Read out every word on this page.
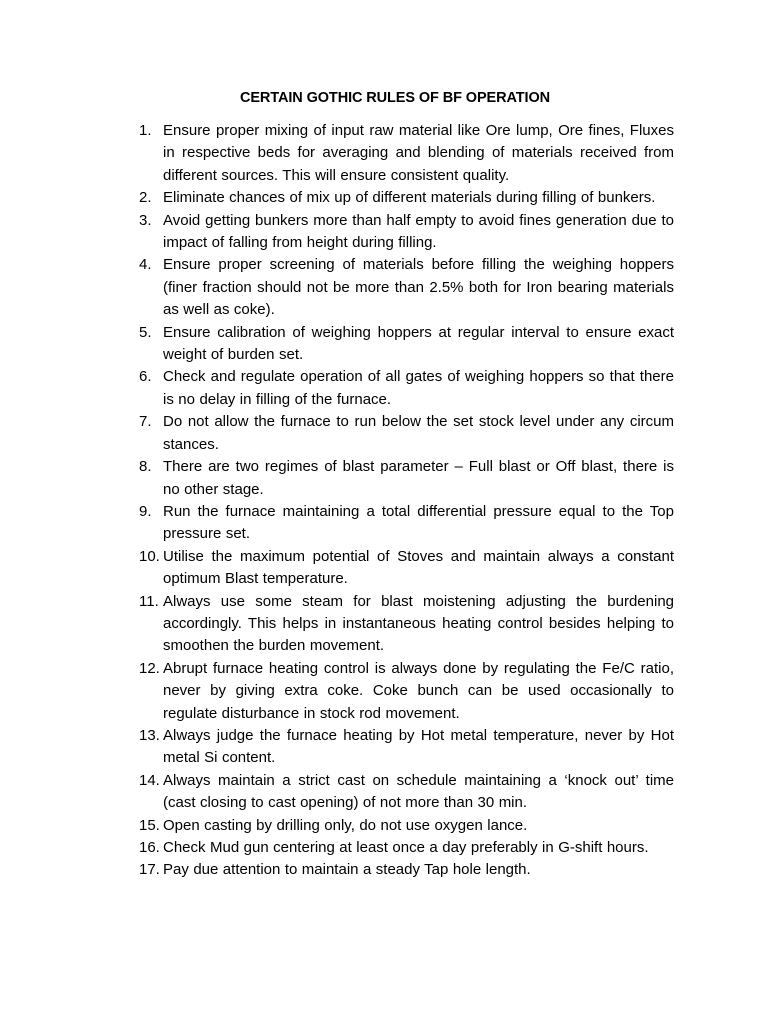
CERTAIN GOTHIC RULES OF BF OPERATION
1. Ensure proper mixing of input raw material like Ore lump, Ore fines, Fluxes in respective beds for averaging and blending of materials received from different sources. This will ensure consistent quality.
2. Eliminate chances of mix up of different materials during filling of bunkers.
3. Avoid getting bunkers more than half empty to avoid fines generation due to impact of falling from height during filling.
4. Ensure proper screening of materials before filling the weighing hoppers (finer fraction should not be more than 2.5% both for Iron bearing materials as well as coke).
5. Ensure calibration of weighing hoppers at regular interval to ensure exact weight of burden set.
6. Check and regulate operation of all gates of weighing hoppers so that there is no delay in filling of the furnace.
7. Do not allow the furnace to run below the set stock level under any circum stances.
8. There are two regimes of blast parameter – Full blast or Off blast, there is no other stage.
9. Run the furnace maintaining a total differential pressure equal to the Top pressure set.
10. Utilise the maximum potential of Stoves and maintain always a constant optimum Blast temperature.
11. Always use some steam for blast moistening adjusting the burdening accordingly. This helps in instantaneous heating control besides helping to smoothen the burden movement.
12. Abrupt furnace heating control is always done by regulating the Fe/C ratio, never by giving extra coke. Coke bunch can be used occasionally to regulate disturbance in stock rod movement.
13. Always judge the furnace heating by Hot metal temperature, never by Hot metal Si content.
14. Always maintain a strict cast on schedule maintaining a ‘knock out’ time (cast closing to cast opening) of not more than 30 min.
15. Open casting by drilling only, do not use oxygen lance.
16. Check Mud gun centering at least once a day preferably in G-shift hours.
17. Pay due attention to maintain a steady Tap hole length.
